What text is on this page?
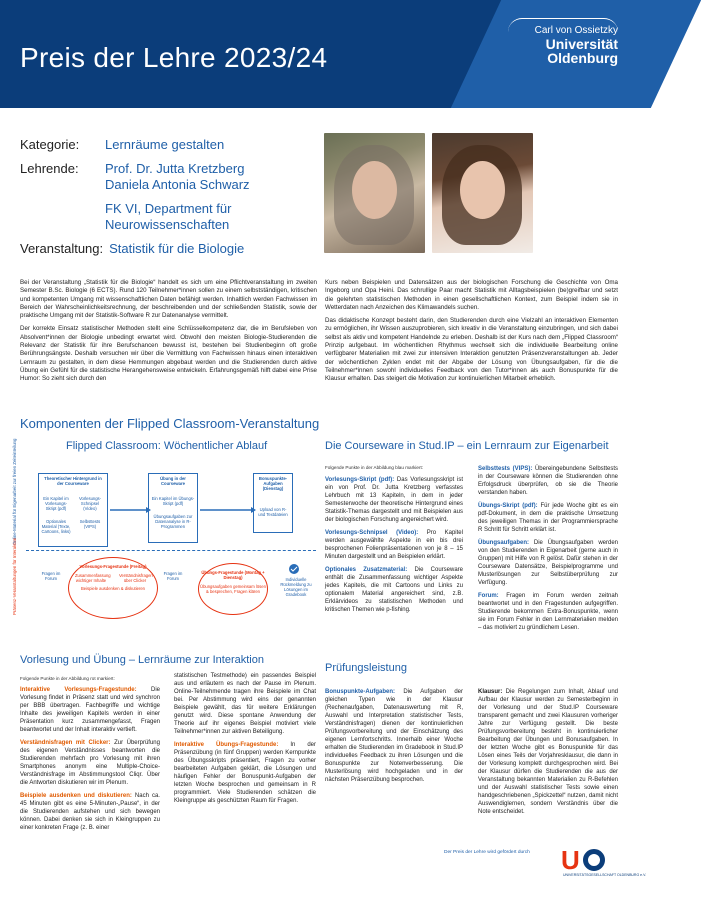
Preis der Lehre 2023/24
Carl von Ossietzky
Universität
Oldenburg
Kategorie:	Lernräume gestalten
Lehrende:	Prof. Dr. Jutta Kretzberg
Daniela Antonia Schwarz
FK VI, Department für
Neurowissenschaften
Veranstaltung: Statistik für die Biologie

Bei der Veranstaltung „Statistik für die Biologie“ handelt es sich um eine Pflichtveranstaltung im zweiten Semester B.Sc. Biologie (6 ECTS). Rund 120 Teilnehmer*innen sollen zu einem selbstständigen, kritischen und kompetenten Umgang mit wissenschaftlichen Daten befähigt werden. Inhaltlich werden Fachwissen im Bereich der Wahrscheinlichkeitsrechnung, der beschreibenden und der schließenden Statistik, sowie der praktische Umgang mit der Statistik-Software R zur Datenanalyse vermittelt.

Der korrekte Einsatz statistischer Methoden stellt eine Schlüsselkompetenz dar, die im Berufsleben von Absolvent*innen der Biologie unbedingt erwartet wird. Obwohl den meisten Biologie-Studierenden die Relevanz der Statistik für ihre Berufschancen bewusst ist, bestehen bei Studienbeginn oft große Berührungsängste. Deshalb versuchen wir über die Vermittlung von Fachwissen hinaus einen interaktiven Lernraum zu gestalten, in dem diese Hemmungen abgebaut werden und die Studierenden durch aktive Übung ein Gefühl für die statistische Herangehensweise entwickeln. Erfahrungsgemäß hilft dabei eine Prise Humor: So zieht sich durch den

Kurs neben Beispielen und Datensätzen aus der biologischen Forschung die Geschichte von Oma Ingeborg und Opa Heini. Das schrullige Paar macht Statistik mit Alltagsbeispielen (be)greifbar und setzt die gelehrten statistischen Methoden in einen gesellschaftlichen Kontext, zum Beispiel indem sie in Wetterdaten nach Anzeichen des Klimawandels suchen.

Das didaktische Konzept besteht darin, den Studierenden durch eine Vielzahl an interaktiven Elementen zu ermöglichen, ihr Wissen auszuprobieren, sich kreativ in die Veranstaltung einzubringen, und sich dabei selbst als aktiv und kompetent Handelnde zu erleben. Deshalb ist der Kurs nach dem „Flipped Classroom“ Prinzip aufgebaut. Im wöchentlichen Rhythmus wechselt sich die individuelle Bearbeitung online verfügbarer Materialien mit zwei zur intensiven Interaktion genutzten Präsenzveranstaltungen ab. Jeder der wöchentlichen Zyklen endet mit der Abgabe der Lösung von Übungsaufgaben, für die die Teilnehmer*innen sowohl individuelles Feedback von den Tutor*innen als auch Bonuspunkte für die Klausur erhalten. Das steigert die Motivation zur kontinuierlichen Mitarbeit erheblich.

Komponenten der Flipped Classroom-Veranstaltung
Flipped Classroom: Wöchentlicher Ablauf	Die Courseware in Stud.IP – ein Lernraum zur Eigenarbeit
Online-Material für Eigenarbeit zur freien Zeiteinteilung
Präsenz-Veranstaltungen für Interaktion
Theoretischer Hintergrund in der Courseware
Ein Kapitel im Vorlesungs-Skript (pdf)
Vorlesungs-Schnipsel (Video)
Optionales Material (Texte, Cartoons, links)
Selbsttests (VIPS)
Übung in der Courseware
Ein Kapitel im Übungs-Skript (pdf)
Übungsaufgaben zur Datenanalyse in R-Programmen
Bonuspunkte-Aufgaben (Dienstag)
Upload von R- und Textdateien
Vorlesungs-Fragestunde (Freitag)
Zusammenfassung wichtiger Inhalte
Verständnisfragen über Clicker
Beispiele ausdenken & diskutieren
Übungs-Fragestunde (Montag + Dienstag)
Übungsaufgaben gemeinsam lösen & besprechen, Fragen klären
Fragen im Forum
Fragen im Forum	Individuelle Rückmeldung zu Lösungen im Gradebook
Folgende Punkte in der Abbildung blau markiert:
Vorlesungs-Skript (pdf): Das Vorlesungsskript ist ein von Prof. Dr. Jutta Kretzberg verfasstes Lehrbuch mit 13 Kapiteln, in dem in jeder Semesterwoche der theoretische Hintergrund eines Statistik-Themas dargestellt und mit Beispielen aus der biologischen Forschung angereichert wird.
Vorlesungs-Schnipsel (Video): Pro Kapitel werden ausgewählte Aspekte in ein bis drei besprochenen Folienpräsentationen von je 8 – 15 Minuten dargestellt und an Beispielen erklärt.
Optionales Zusatzmaterial: Die Courseware enthält die Zusammenfassung wichtiger Aspekte jedes Kapitels, die mit Cartoons und Links zu optionalem Material angereichert sind, z.B. Erklärvideos zu statistischen Methoden und kritischen Themen wie p-fishing.
Selbsttests (VIPS): Übereingebundene Selbsttests in der Courseware können die Studierenden ohne Erfolgsdruck überprüfen, ob sie die Theorie verstanden haben.
Übungs-Skript (pdf): Für jede Woche gibt es ein pdf-Dokument, in dem die praktische Umsetzung des jeweiligen Themas in der Programmiersprache R Schritt für Schritt erklärt ist.
Übungsaufgaben: Die Übungsaufgaben werden von den Studierenden in Eigenarbeit (gerne auch in Gruppen) mit Hilfe von R gelöst. Dafür stehen in der Courseware Datensätze, Beispielprogramme und Musterlösungen zur Selbstüberprüfung zur Verfügung.
Forum: Fragen im Forum werden zeitnah beantwortet und in den Fragestunden aufgegriffen. Studierende bekommen Extra-Bonuspunkte, wenn sie im Forum Fehler in den Lernmaterialien melden – das motiviert zu gründlichem Lesen.
Vorlesung und Übung – Lernräume zur Interaktion
Folgende Punkte in der Abbildung rot markiert:
Interaktive Vorlesungs-Fragestunde: Die Vorlesung findet in Präsenz statt und wird synchron per BBB übertragen. Fachbegriffe und wichtige Inhalte des jeweiligen Kapitels werden in einer Präsentation kurz zusammengefasst, Fragen beantwortet und der Inhalt interaktiv vertieft.
Verständnisfragen mit Clicker: Zur Überprüfung des eigenen Verständnisses beantworten die Studierenden mehrfach pro Vorlesung mit ihren Smartphones anonym eine Multiple-Choice-Verständnisfrage im Abstimmungstool Cliqr. Über die Antworten diskutieren wir im Plenum.
Beispiele ausdenken und diskutieren: Nach ca. 45 Minuten gibt es eine 5-Minuten-„Pause“, in der die Studierenden aufstehen und sich bewegen können. Dabei denken sie sich in Kleingruppen zu einer konkreten Frage (z. B. einer
statistischen Testmethode) ein passendes Beispiel aus und erläutern es nach der Pause im Plenum. Online-Teilnehmende tragen ihre Beispiele im Chat bei. Per Abstimmung wird eins der genannten Beispiele gewählt, das für weitere Erklärungen genutzt wird. Diese spontane Anwendung der Theorie auf ihr eigenes Beispiel motiviert viele Teilnehmer*innen zur aktiven Beteiligung.
Interaktive Übungs-Fragestunde: In der Präsenzübung (in fünf Gruppen) werden Kernpunkte des Übungsskripts präsentiert, Fragen zu vorher bearbeiteten Aufgaben geklärt, die Lösungen und häufigen Fehler der Bonuspunkt-Aufgaben der letzten Woche besprochen und gemeinsam in R programmiert. Viele Studierenden schätzen die Kleingruppe als geschützten Raum für Fragen.
Prüfungsleistung
Bonuspunkte-Aufgaben: Die Aufgaben der gleichen Typen wie in der Klausur (Rechenaufgaben, Datenauswertung mit R, Auswahl und Interpretation statistischer Tests, Verständnisfragen) dienen der kontinuierlichen Prüfungsvorbereitung und der Einschätzung des eigenen Lernfortschritts. Innerhalb einer Woche erhalten die Studierenden im Gradebook in Stud.IP individuelles Feedback zu ihren Lösungen und die Bonuspunkte zur Notenverbesserung. Die Musterlösung wird hochgeladen und in der nächsten Präsenzübung besprochen.
Klausur: Die Regelungen zum Inhalt, Ablauf und Aufbau der Klausur werden zu Semesterbeginn in der Vorlesung und der Stud.IP Courseware transparent gemacht und zwei Klausuren vorheriger Jahre zur Verfügung gestellt. Die beste Prüfungsvorbereitung besteht in kontinuierlicher Bearbeitung der Übungen und Bonusaufgaben. In der letzten Woche gibt es Bonuspunkte für das Lösen eines Teils der Vorjahresklausur, die dann in der Vorlesung komplett durchgesprochen wird. Bei der Klausur dürfen die Studierenden die aus der Veranstaltung bekannten Materialien zu R-Befehlen und der Auswahl statistischer Tests sowie einen handgeschriebenen „Spickzettel“ nutzen, damit nicht Auswendiglernen, sondern Verständnis über die Note entscheidet.
Der Preis der Lehre wird gefördert durch U
UNIVERSITÄTSGESELLSCHAFT OLDENBURG e.V.
